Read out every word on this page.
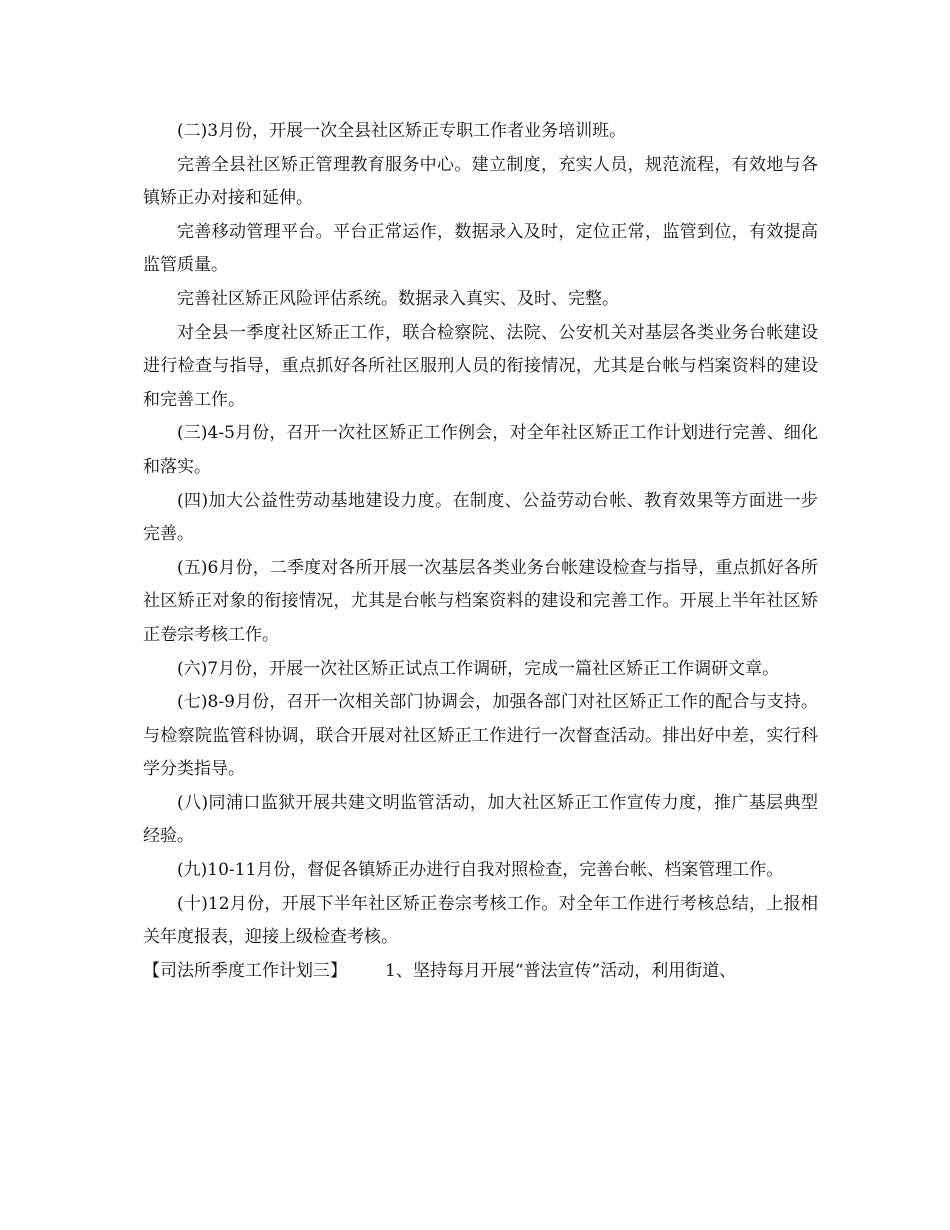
(二)3月份，开展一次全县社区矫正专职工作者业务培训班。

完善全县社区矫正管理教育服务中心。建立制度，充实人员，规范流程，有效地与各镇矫正办对接和延伸。

完善移动管理平台。平台正常运作，数据录入及时，定位正常，监管到位，有效提高监管质量。

完善社区矫正风险评估系统。数据录入真实、及时、完整。

对全县一季度社区矫正工作，联合检察院、法院、公安机关对基层各类业务台帐建设进行检查与指导，重点抓好各所社区服刑人员的衔接情况，尤其是台帐与档案资料的建设和完善工作。

(三)4-5月份，召开一次社区矫正工作例会，对全年社区矫正工作计划进行完善、细化和落实。

(四)加大公益性劳动基地建设力度。在制度、公益劳动台帐、教育效果等方面进一步完善。

(五)6月份，二季度对各所开展一次基层各类业务台帐建设检查与指导，重点抓好各所社区矫正对象的衔接情况，尤其是台帐与档案资料的建设和完善工作。开展上半年社区矫正卷宗考核工作。

(六)7月份，开展一次社区矫正试点工作调研，完成一篇社区矫正工作调研文章。

(七)8-9月份，召开一次相关部门协调会，加强各部门对社区矫正工作的配合与支持。与检察院监管科协调，联合开展对社区矫正工作进行一次督查活动。排出好中差，实行科学分类指导。

(八)同浦口监狱开展共建文明监管活动，加大社区矫正工作宣传力度，推广基层典型经验。

(九)10-11月份，督促各镇矫正办进行自我对照检查，完善台帐、档案管理工作。

(十)12月份，开展下半年社区矫正卷宗考核工作。对全年工作进行考核总结，上报相关年度报表，迎接上级检查考核。

【司法所季度工作计划三】 1、坚持每月开展“普法宣传”活动，利用街道、
